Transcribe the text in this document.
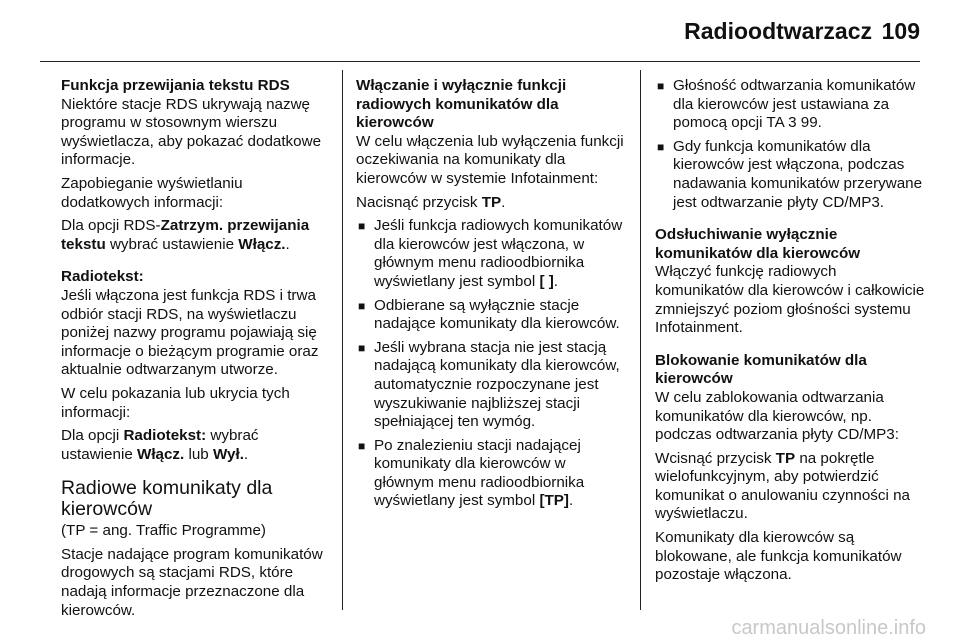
Radioodtwarzacz 109

Funkcja przewijania tekstu RDS

Niektóre stacje RDS ukrywają nazwę programu w stosownym wierszu wyświetlacza, aby pokazać dodatkowe informacje.

Zapobieganie wyświetlaniu dodatkowych informacji:

Dla opcji RDS-Zatrzym. przewijania tekstu wybrać ustawienie Włącz..

Radiotekst:

Jeśli włączona jest funkcja RDS i trwa odbiór stacji RDS, na wyświetlaczu poniżej nazwy programu pojawiają się informacje o bieżącym programie oraz aktualnie odtwarzanym utworze.

W celu pokazania lub ukrycia tych informacji:

Dla opcji Radiotekst: wybrać ustawienie Włącz. lub Wył..

Radiowe komunikaty dla kierowców

(TP = ang. Traffic Programme)

Stacje nadające program komunikatów drogowych są stacjami RDS, które nadają informacje przeznaczone dla kierowców.

Włączanie i wyłącznie funkcji radiowych komunikatów dla kierowców

W celu włączenia lub wyłączenia funkcji oczekiwania na komunikaty dla kierowców w systemie Infotainment:

Nacisnąć przycisk TP.

■ Jeśli funkcja radiowych komunikatów dla kierowców jest włączona, w głównym menu radioodbiornika wyświetlany jest symbol [ ].
■ Odbierane są wyłącznie stacje nadające komunikaty dla kierowców.
■ Jeśli wybrana stacja nie jest stacją nadającą komunikaty dla kierowców, automatycznie rozpoczynane jest wyszukiwanie najbliższej stacji spełniającej ten wymóg.
■ Po znalezieniu stacji nadającej komunikaty dla kierowców w głównym menu radioodbiornika wyświetlany jest symbol [TP].
■ Głośność odtwarzania komunikatów dla kierowców jest ustawiana za pomocą opcji TA 3 99.
■ Gdy funkcja komunikatów dla kierowców jest włączona, podczas nadawania komunikatów przerywane jest odtwarzanie płyty CD/MP3.

Odsłuchiwanie wyłącznie komunikatów dla kierowców

Włączyć funkcję radiowych komunikatów dla kierowców i całkowicie zmniejszyć poziom głośności systemu Infotainment.

Blokowanie komunikatów dla kierowców

W celu zablokowania odtwarzania komunikatów dla kierowców, np. podczas odtwarzania płyty CD/MP3:

Wcisnąć przycisk TP na pokrętle wielofunkcyjnym, aby potwierdzić komunikat o anulowaniu czynności na wyświetlaczu.

Komunikaty dla kierowców są blokowane, ale funkcja komunikatów pozostaje włączona.

carmanualsonline.info
